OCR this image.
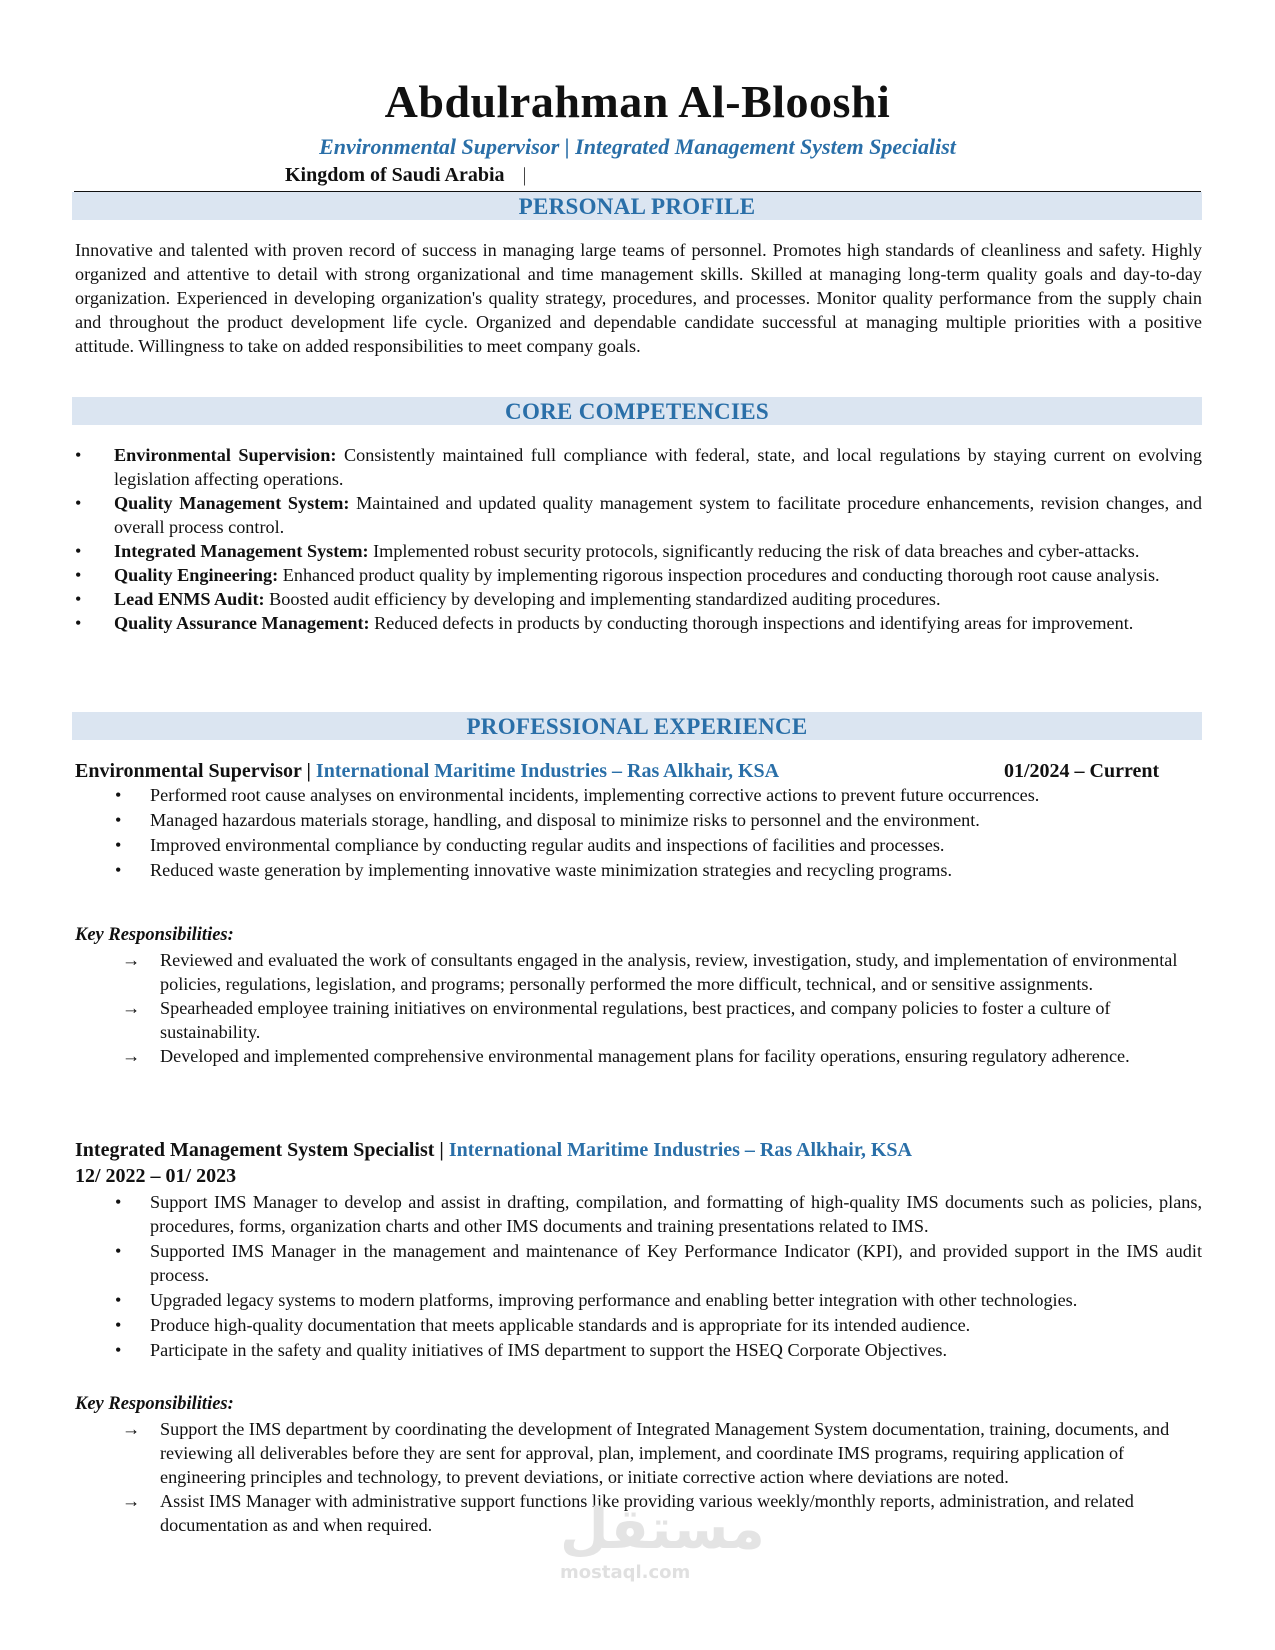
Abdulrahman Al-Blooshi
Environmental Supervisor | Integrated Management System Specialist
Kingdom of Saudi Arabia |
PERSONAL PROFILE
Innovative and talented with proven record of success in managing large teams of personnel. Promotes high standards of cleanliness and safety. Highly organized and attentive to detail with strong organizational and time management skills. Skilled at managing long-term quality goals and day-to-day organization. Experienced in developing organization's quality strategy, procedures, and processes. Monitor quality performance from the supply chain and throughout the product development life cycle. Organized and dependable candidate successful at managing multiple priorities with a positive attitude. Willingness to take on added responsibilities to meet company goals.
CORE COMPETENCIES
• Environmental Supervision: Consistently maintained full compliance with federal, state, and local regulations by staying current on evolving legislation affecting operations.
• Quality Management System: Maintained and updated quality management system to facilitate procedure enhancements, revision changes, and overall process control.
• Integrated Management System: Implemented robust security protocols, significantly reducing the risk of data breaches and cyber-attacks.
• Quality Engineering: Enhanced product quality by implementing rigorous inspection procedures and conducting thorough root cause analysis.
• Lead ENMS Audit: Boosted audit efficiency by developing and implementing standardized auditing procedures.
• Quality Assurance Management: Reduced defects in products by conducting thorough inspections and identifying areas for improvement.
PROFESSIONAL EXPERIENCE
Environmental Supervisor | International Maritime Industries – Ras Alkhair, KSA	01/2024 – Current
• Performed root cause analyses on environmental incidents, implementing corrective actions to prevent future occurrences.
• Managed hazardous materials storage, handling, and disposal to minimize risks to personnel and the environment.
• Improved environmental compliance by conducting regular audits and inspections of facilities and processes.
• Reduced waste generation by implementing innovative waste minimization strategies and recycling programs.
Key Responsibilities:
→ Reviewed and evaluated the work of consultants engaged in the analysis, review, investigation, study, and implementation of environmental policies, regulations, legislation, and programs; personally performed the more difficult, technical, and or sensitive assignments.
→ Spearheaded employee training initiatives on environmental regulations, best practices, and company policies to foster a culture of sustainability.
→ Developed and implemented comprehensive environmental management plans for facility operations, ensuring regulatory adherence.
Integrated Management System Specialist | International Maritime Industries – Ras Alkhair, KSA
12/ 2022 – 01/ 2023
• Support IMS Manager to develop and assist in drafting, compilation, and formatting of high-quality IMS documents such as policies, plans, procedures, forms, organization charts and other IMS documents and training presentations related to IMS.
• Supported IMS Manager in the management and maintenance of Key Performance Indicator (KPI), and provided support in the IMS audit process.
• Upgraded legacy systems to modern platforms, improving performance and enabling better integration with other technologies.
• Produce high-quality documentation that meets applicable standards and is appropriate for its intended audience.
• Participate in the safety and quality initiatives of IMS department to support the HSEQ Corporate Objectives.
Key Responsibilities:
→ Support the IMS department by coordinating the development of Integrated Management System documentation, training, documents, and reviewing all deliverables before they are sent for approval, plan, implement, and coordinate IMS programs, requiring application of engineering principles and technology, to prevent deviations, or initiate corrective action where deviations are noted.
→ Assist IMS Manager with administrative support functions like providing various weekly/monthly reports, administration, and related documentation as and when required.	مستقل
mostaql.com
